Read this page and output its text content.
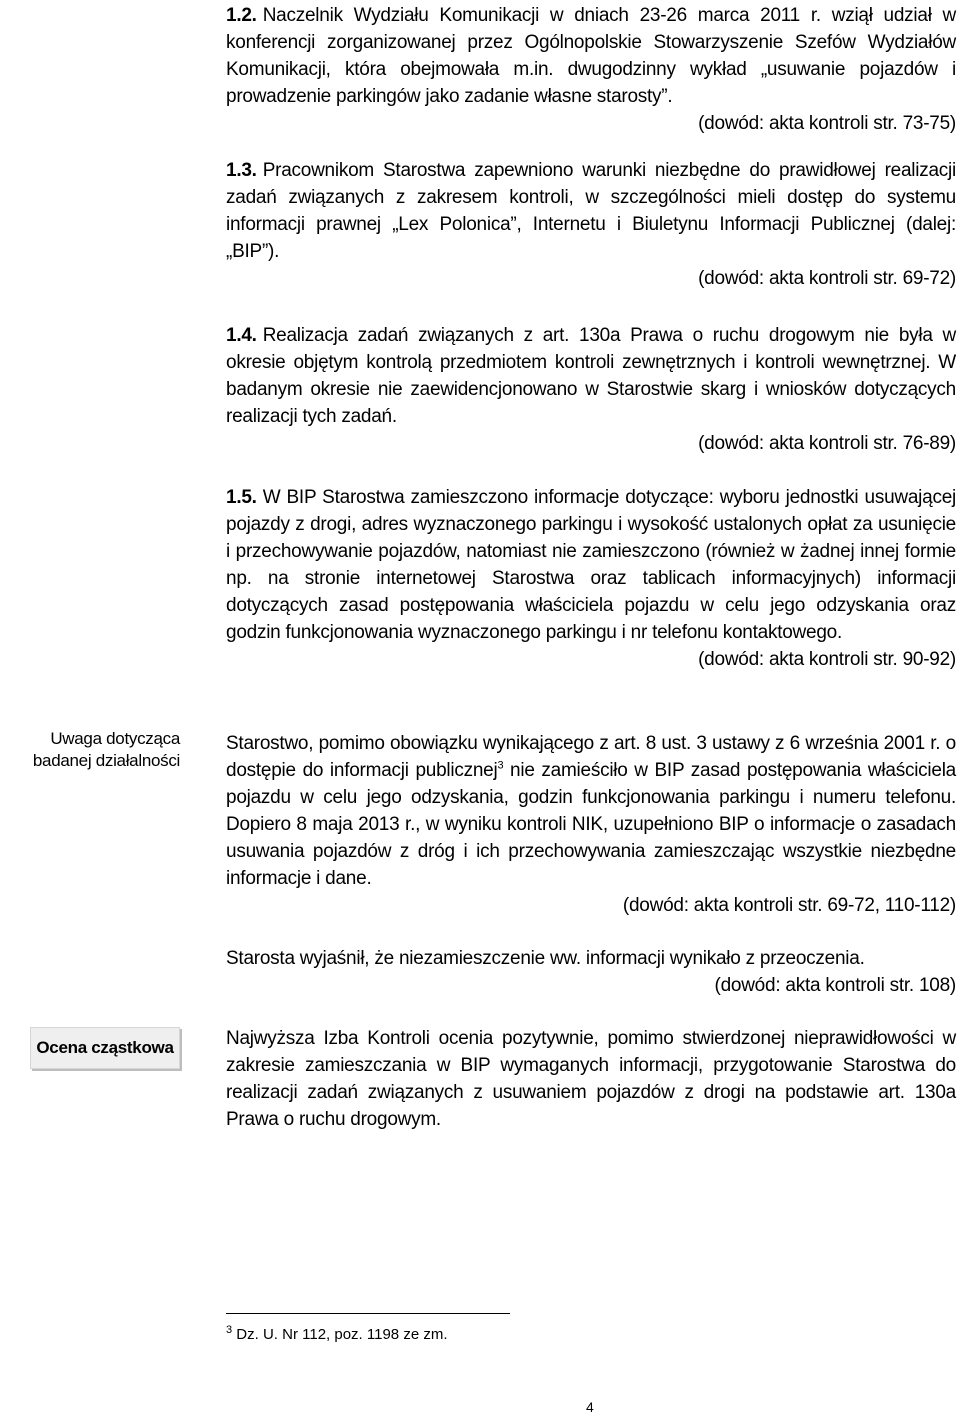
1.2. Naczelnik Wydziału Komunikacji w dniach 23-26 marca 2011 r. wziął udział w konferencji zorganizowanej przez Ogólnopolskie Stowarzyszenie Szefów Wydziałów Komunikacji, która obejmowała m.in. dwugodzinny wykład „usuwanie pojazdów i prowadzenie parkingów jako zadanie własne starosty”.
(dowód: akta kontroli str. 73-75)
1.3. Pracownikom Starostwa zapewniono warunki niezbędne do prawidłowej realizacji zadań związanych z zakresem kontroli, w szczególności mieli dostęp do systemu informacji prawnej „Lex Polonica”, Internetu i Biuletynu Informacji Publicznej (dalej: „BIP”).
(dowód: akta kontroli str. 69-72)
1.4. Realizacja zadań związanych z art. 130a Prawa o ruchu drogowym nie była w okresie objętym kontrolą przedmiotem kontroli zewnętrznych i kontroli wewnętrznej. W badanym okresie nie zaewidencjonowano w Starostwie skarg i wniosków dotyczących realizacji tych zadań.
(dowód: akta kontroli str. 76-89)
1.5. W BIP Starostwa zamieszczono informacje dotyczące: wyboru jednostki usuwającej pojazdy z drogi, adres wyznaczonego parkingu i wysokość ustalonych opłat za usunięcie i przechowywanie pojazdów, natomiast nie zamieszczono (również w żadnej innej formie np. na stronie internetowej Starostwa oraz tablicach informacyjnych) informacji dotyczących zasad postępowania właściciela pojazdu w celu jego odzyskania oraz godzin funkcjonowania wyznaczonego parkingu i nr telefonu kontaktowego.
(dowód: akta kontroli str. 90-92)
Uwaga dotycząca badanej działalności
Starostwo, pomimo obowiązku wynikającego z art. 8 ust. 3 ustawy z 6 września 2001 r. o dostępie do informacji publicznej$^3$ nie zamieściło w BIP zasad postępowania właściciela pojazdu w celu jego odzyskania, godzin funkcjonowania parkingu i numeru telefonu. Dopiero 8 maja 2013 r., w wyniku kontroli NIK, uzupełniono BIP o informacje o zasadach usuwania pojazdów z dróg i ich przechowywania zamieszczając wszystkie niezbędne informacje i dane.
(dowód: akta kontroli str. 69-72, 110-112)
Starosta wyjaśnił, że niezamieszczenie ww. informacji wynikało z przeoczenia.
(dowód: akta kontroli str. 108)
Ocena cząstkowa	Najwyższa Izba Kontroli ocenia pozytywnie, pomimo stwierdzonej nieprawidłowości w zakresie zamieszczania w BIP wymaganych informacji, przygotowanie Starostwa do realizacji zadań związanych z usuwaniem pojazdów z drogi na podstawie art. 130a Prawa o ruchu drogowym.
$^3$ Dz. U. Nr 112, poz. 1198 ze zm.
4
